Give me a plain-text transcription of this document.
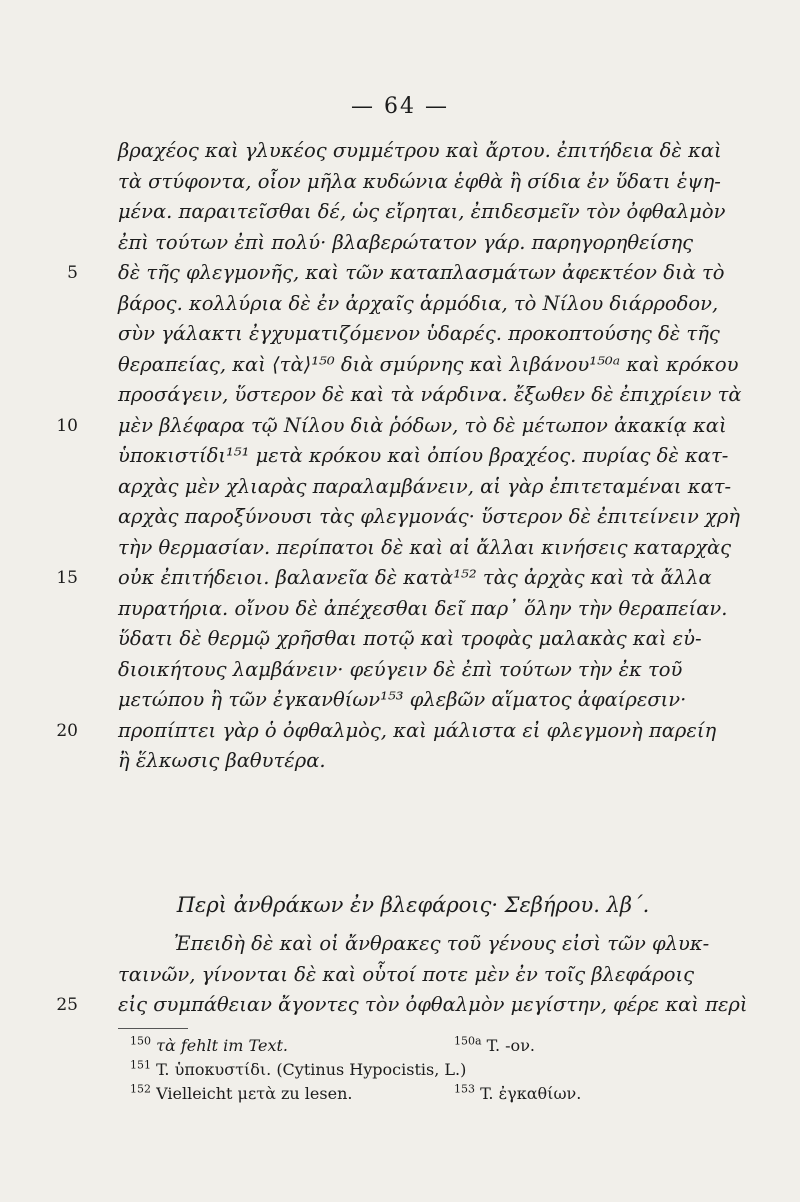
— 64 —
βραχέος καὶ γλυκέος συμμέτρου καὶ ἄρτου. ἐπιτήδεια δὲ καὶ
τὰ στύφοντα, οἷον μῆλα κυδώνια ἑφθὰ ἢ σίδια ἐν ὕδατι ἑψη-
μένα. παραιτεῖσθαι δέ, ὡς εἴρηται, ἐπιδεσμεῖν τὸν ὀφθαλμὸν
ἐπὶ τούτων ἐπὶ πολύ· βλαβερώτατον γάρ. παρηγορηθείσης
5 δὲ τῆς φλεγμονῆς, καὶ τῶν καταπλασμάτων ἀφεκτέον διὰ τὸ
βάρος. κολλύρια δὲ ἐν ἀρχαῖς ἁρμόδια, τὸ Νίλου διάρροδον,
σὺν γάλακτι ἐγχυματιζόμενον ὑδαρές. προκοπτούσης δὲ τῆς
θεραπείας, καὶ ⟨τὰ⟩¹⁵⁰ διὰ σμύρνης καὶ λιβάνου¹⁵⁰ᵃ καὶ κρόκου
προσάγειν, ὕστερον δὲ καὶ τὰ νάρδινα. ἔξωθεν δὲ ἐπιχρίειν τὰ
10 μὲν βλέφαρα τῷ Νίλου διὰ ῥόδων, τὸ δὲ μέτωπον ἀκακίᾳ καὶ
ὑποκιστίδι¹⁵¹ μετὰ κρόκου καὶ ὀπίου βραχέος. πυρίας δὲ κατ-
αρχὰς μὲν χλιαρὰς παραλαμβάνειν, αἱ γὰρ ἐπιτεταμέναι κατ-
αρχὰς παροξύνουσι τὰς φλεγμονάς· ὕστερον δὲ ἐπιτείνειν χρὴ
τὴν θερμασίαν. περίπατοι δὲ καὶ αἱ ἄλλαι κινήσεις καταρχὰς
15 οὐκ ἐπιτήδειοι. βαλανεῖα δὲ κατὰ¹⁵² τὰς ἀρχὰς καὶ τὰ ἄλλα
πυρατήρια. οἴνου δὲ ἀπέχεσθαι δεῖ παρ᾽ ὅλην τὴν θεραπείαν.
ὕδατι δὲ θερμῷ χρῆσθαι ποτῷ καὶ τροφὰς μαλακὰς καὶ εὐ-
διοικήτους λαμβάνειν· φεύγειν δὲ ἐπὶ τούτων τὴν ἐκ τοῦ
μετώπου ἢ τῶν ἐγκανθίων¹⁵³ φλεβῶν αἵματος ἀφαίρεσιν·
20 προπίπτει γὰρ ὁ ὀφθαλμὸς, καὶ μάλιστα εἰ φλεγμονὴ παρείη
ἢ ἕλκωσις βαθυτέρα.
Περὶ ἀνθράκων ἐν βλεφάροις· Σεβήρου. λβ΄.
Ἐπειδὴ δὲ καὶ οἱ ἄνθρακες τοῦ γένους εἰσὶ τῶν φλυκ-
ταινῶν, γίνονται δὲ καὶ οὗτοί ποτε μὲν ἐν τοῖς βλεφάροις
25 εἰς συμπάθειαν ἄγοντες τὸν ὀφθαλμὸν μεγίστην, φέρε καὶ περὶ
$^{150}$ τὰ fehlt im Text.	$^{150a}$ T. -ον.
$^{151}$ T. ὑποκυστίδι. (Cytinus Hypocistis, L.)
$^{152}$ Vielleicht μετὰ zu lesen.	$^{153}$ T. ἐγκαθίων.
